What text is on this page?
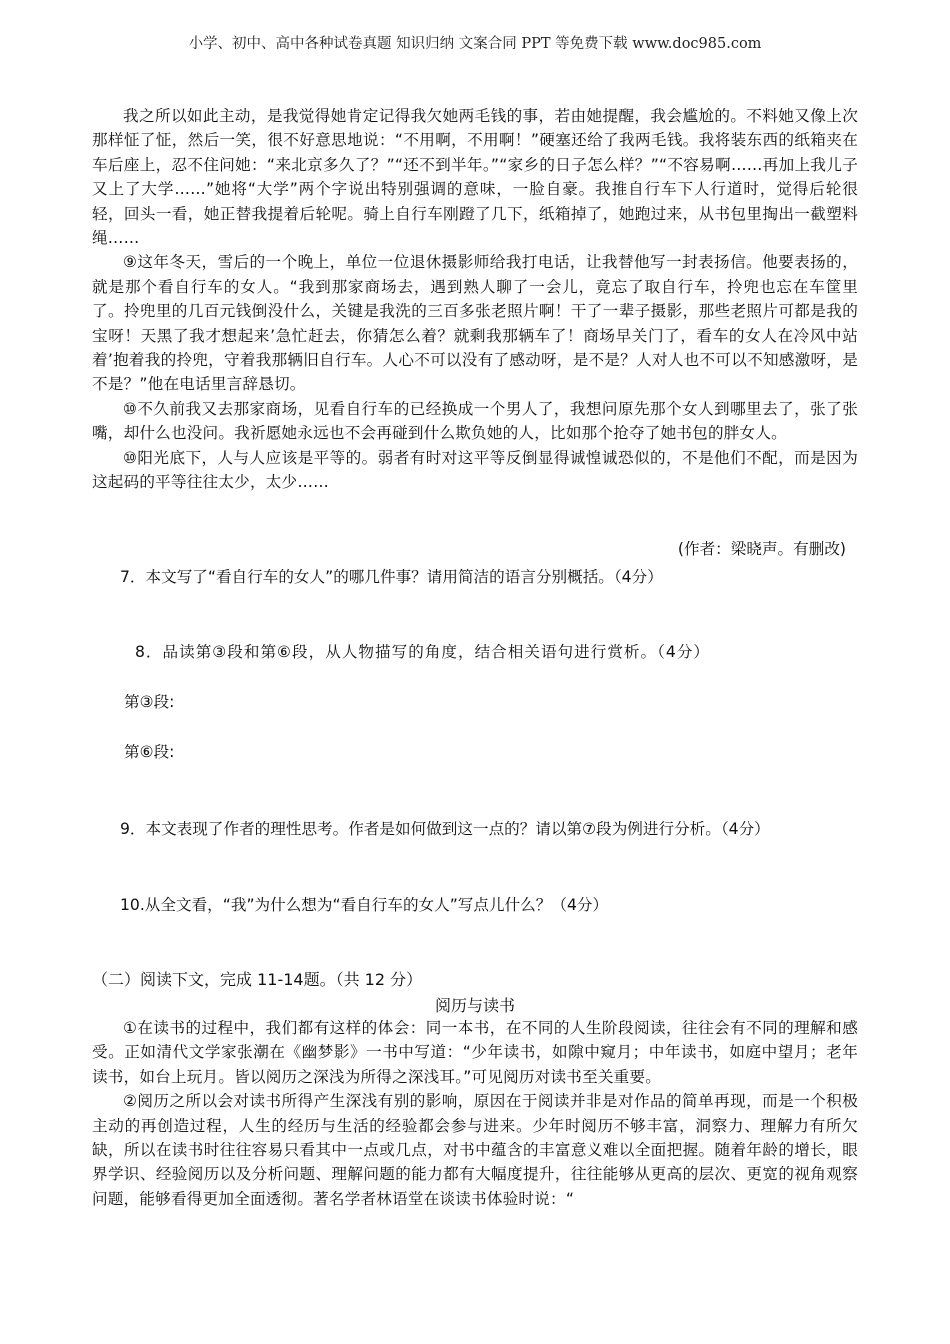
小学、初中、高中各种试卷真题 知识归纳 文案合同 PPT 等免费下载 www.doc985.com

我之所以如此主动，是我觉得她肯定记得我欠她两毛钱的事，若由她提醒，我会尴尬的。不料她又像上次那样怔了怔，然后一笑，很不好意思地说：“不用啊，不用啊！”硬塞还给了我两毛钱。我将装东西的纸箱夹在车后座上，忍不住问她：“来北京多久了？”“还不到半年。”“家乡的日子怎么样？”“不容易啊……再加上我儿子又上了大学……”她将“大学”两个字说出特别强调的意味，一脸自豪。我推自行车下人行道时，觉得后轮很轻，回头一看，她正替我提着后轮呢。骑上自行车刚蹬了几下，纸箱掉了，她跑过来，从书包里掏出一截塑料绳……

⑨这年冬天，雪后的一个晚上，单位一位退休摄影师给我打电话，让我替他写一封表扬信。他要表扬的，就是那个看自行车的女人。“我到那家商场去，遇到熟人聊了一会儿，竟忘了取自行车，拎兜也忘在车筐里了。拎兜里的几百元钱倒没什么，关键是我洗的三百多张老照片啊！干了一辈子摄影，那些老照片可都是我的宝呀！天黑了我才想起来’急忙赶去，你猜怎么着？就剩我那辆车了！商场早关门了，看车的女人在冷风中站着’抱着我的拎兜，守着我那辆旧自行车。人心不可以没有了感动呀，是不是？人对人也不可以不知感激呀，是不是？”他在电话里言辞恳切。

⑩不久前我又去那家商场，见看自行车的已经换成一个男人了，我想问原先那个女人到哪里去了，张了张嘴，却什么也没问。我祈愿她永远也不会再碰到什么欺负她的人，比如那个抢夺了她书包的胖女人。

⑩阳光底下，人与人应该是平等的。弱者有时对这平等反倒显得诚惶诚恐似的，不是他们不配，而是因为这起码的平等往往太少，太少……

(作者：梁晓声。有删改)
7．本文写了“看自行车的女人”的哪几件事？请用简洁的语言分别概括。（4分）
8．品读第③段和第⑥段，从人物描写的角度，结合相关语句进行赏析。（4分）
第③段:
第⑥段:
9．本文表现了作者的理性思考。作者是如何做到这一点的？请以第⑦段为例进行分析。（4分）
10.从全文看，“我”为什么想为“看自行车的女人”写点儿什么？（4分）
（二）阅读下文，完成 11-14题。（共 12 分）
阅历与读书

①在读书的过程中，我们都有这样的体会：同一本书，在不同的人生阶段阅读，往往会有不同的理解和感受。正如清代文学家张潮在《幽梦影》一书中写道：“少年读书，如隙中窥月；中年读书，如庭中望月；老年读书，如台上玩月。皆以阅历之深浅为所得之深浅耳。”可见阅历对读书至关重要。

②阅历之所以会对读书所得产生深浅有别的影响，原因在于阅读并非是对作品的简单再现，而是一个积极主动的再创造过程，人生的经历与生活的经验都会参与进来。少年时阅历不够丰富，洞察力、理解力有所欠缺，所以在读书时往往容易只看其中一点或几点，对书中蕴含的丰富意义难以全面把握。随着年龄的增长，眼界学识、经验阅历以及分析问题、理解问题的能力都有大幅度提升，往往能够从更高的层次、更宽的视角观察问题，能够看得更加全面透彻。著名学者林语堂在谈读书体验时说：“
